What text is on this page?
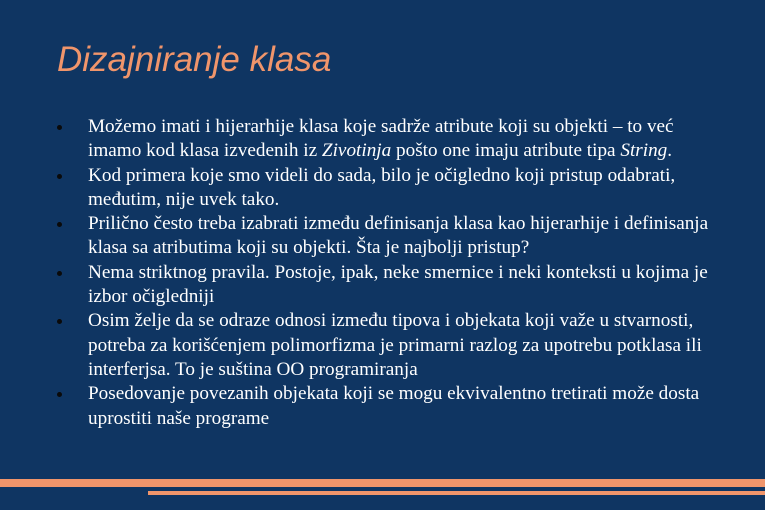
Dizajniranje klasa
Možemo imati i hijerarhije klasa koje sadrže atribute koji su objekti – to već imamo kod klasa izvedenih iz Zivotinja pošto one imaju atribute tipa String.
Kod primera koje smo videli do sada, bilo je očigledno koji pristup odabrati, međutim, nije uvek tako.
Prilično često treba izabrati između definisanja klasa kao hijerarhije i definisanja klasa sa atributima koji su objekti. Šta je najbolji pristup?
Nema striktnog pravila. Postoje, ipak, neke smernice i neki konteksti u kojima je izbor očigledniji
Osim želje da se odraze odnosi između tipova i objekata koji važe u stvarnosti, potreba za korišćenjem polimorfizma je primarni razlog za upotrebu potklasa ili interferjsa. To je suština OO programiranja
Posedovanje povezanih objekata koji se mogu ekvivalentno tretirati može dosta uprostiti naše programe
